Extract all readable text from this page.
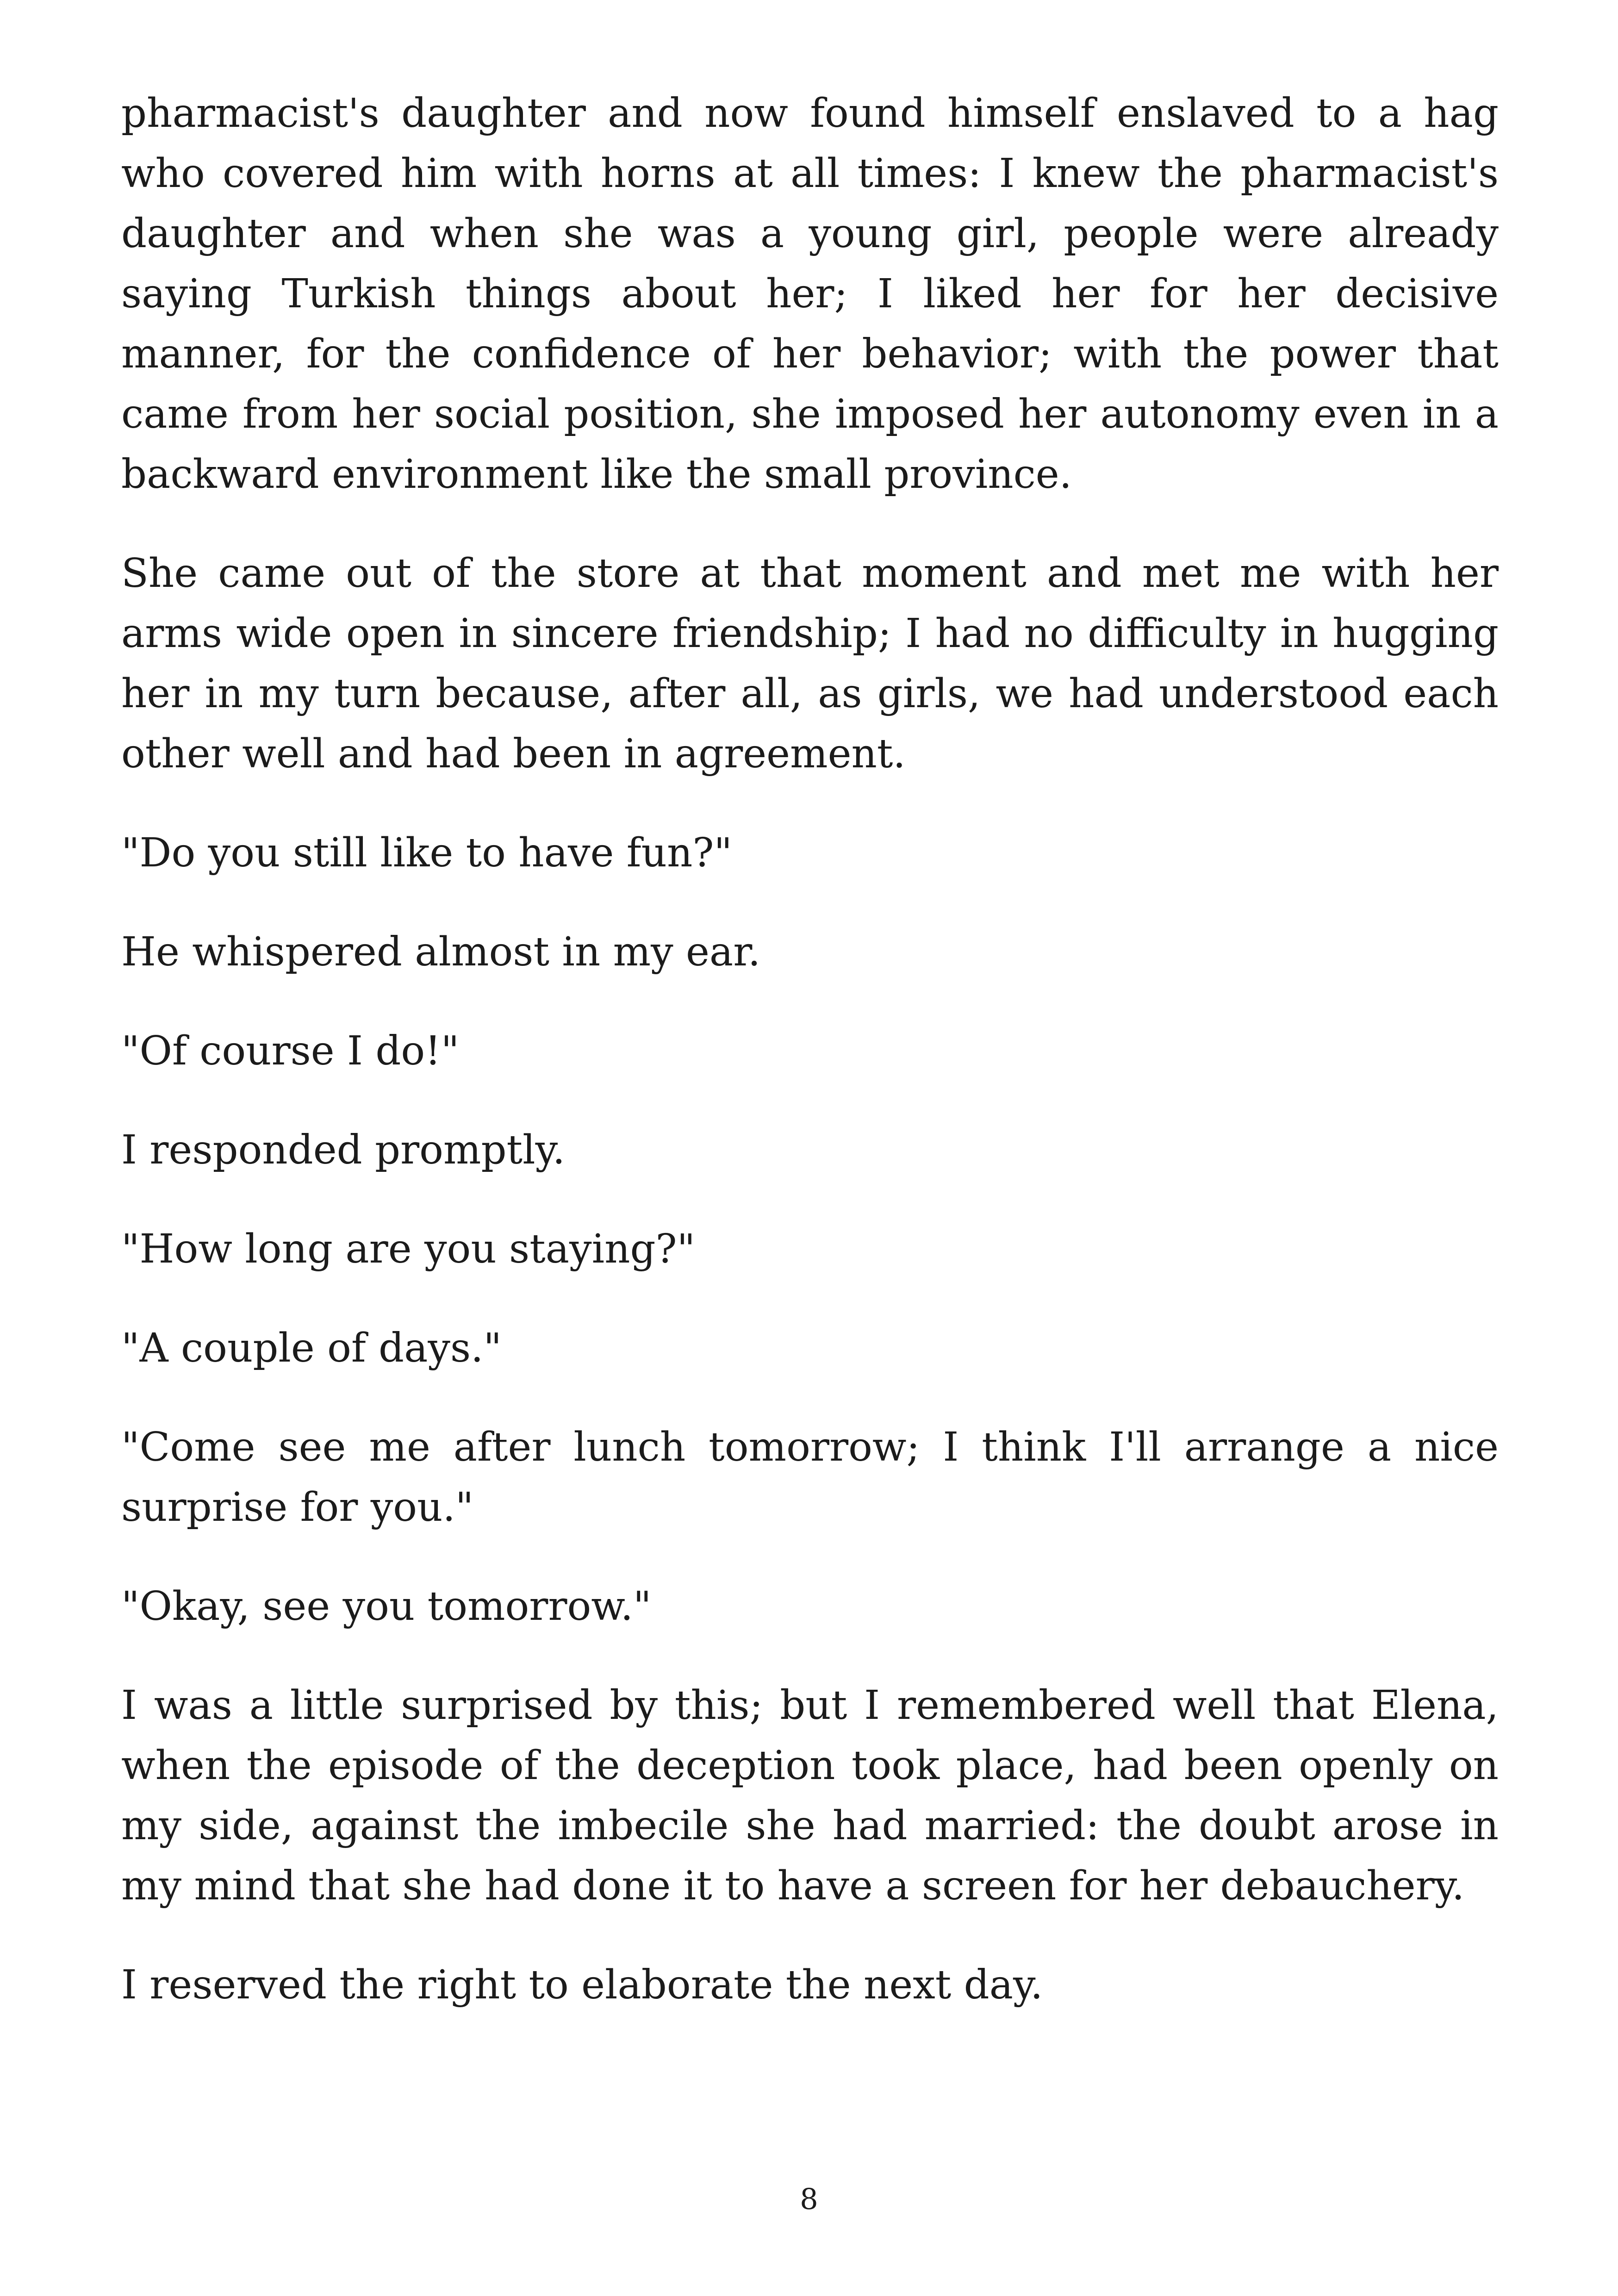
pharmacist's daughter and now found himself enslaved to a hag who covered him with horns at all times: I knew the pharmacist's daughter and when she was a young girl, people were already saying Turkish things about her; I liked her for her decisive manner, for the confidence of her behavior; with the power that came from her social position, she imposed her autonomy even in a backward environment like the small province.

She came out of the store at that moment and met me with her arms wide open in sincere friendship; I had no difficulty in hugging her in my turn because, after all, as girls, we had understood each other well and had been in agreement.

"Do you still like to have fun?"

He whispered almost in my ear.

"Of course I do!"

I responded promptly.

"How long are you staying?"

"A couple of days."

"Come see me after lunch tomorrow; I think I'll arrange a nice surprise for you."

"Okay, see you tomorrow."

I was a little surprised by this; but I remembered well that Elena, when the episode of the deception took place, had been openly on my side, against the imbecile she had married: the doubt arose in my mind that she had done it to have a screen for her debauchery.

I reserved the right to elaborate the next day.

8
